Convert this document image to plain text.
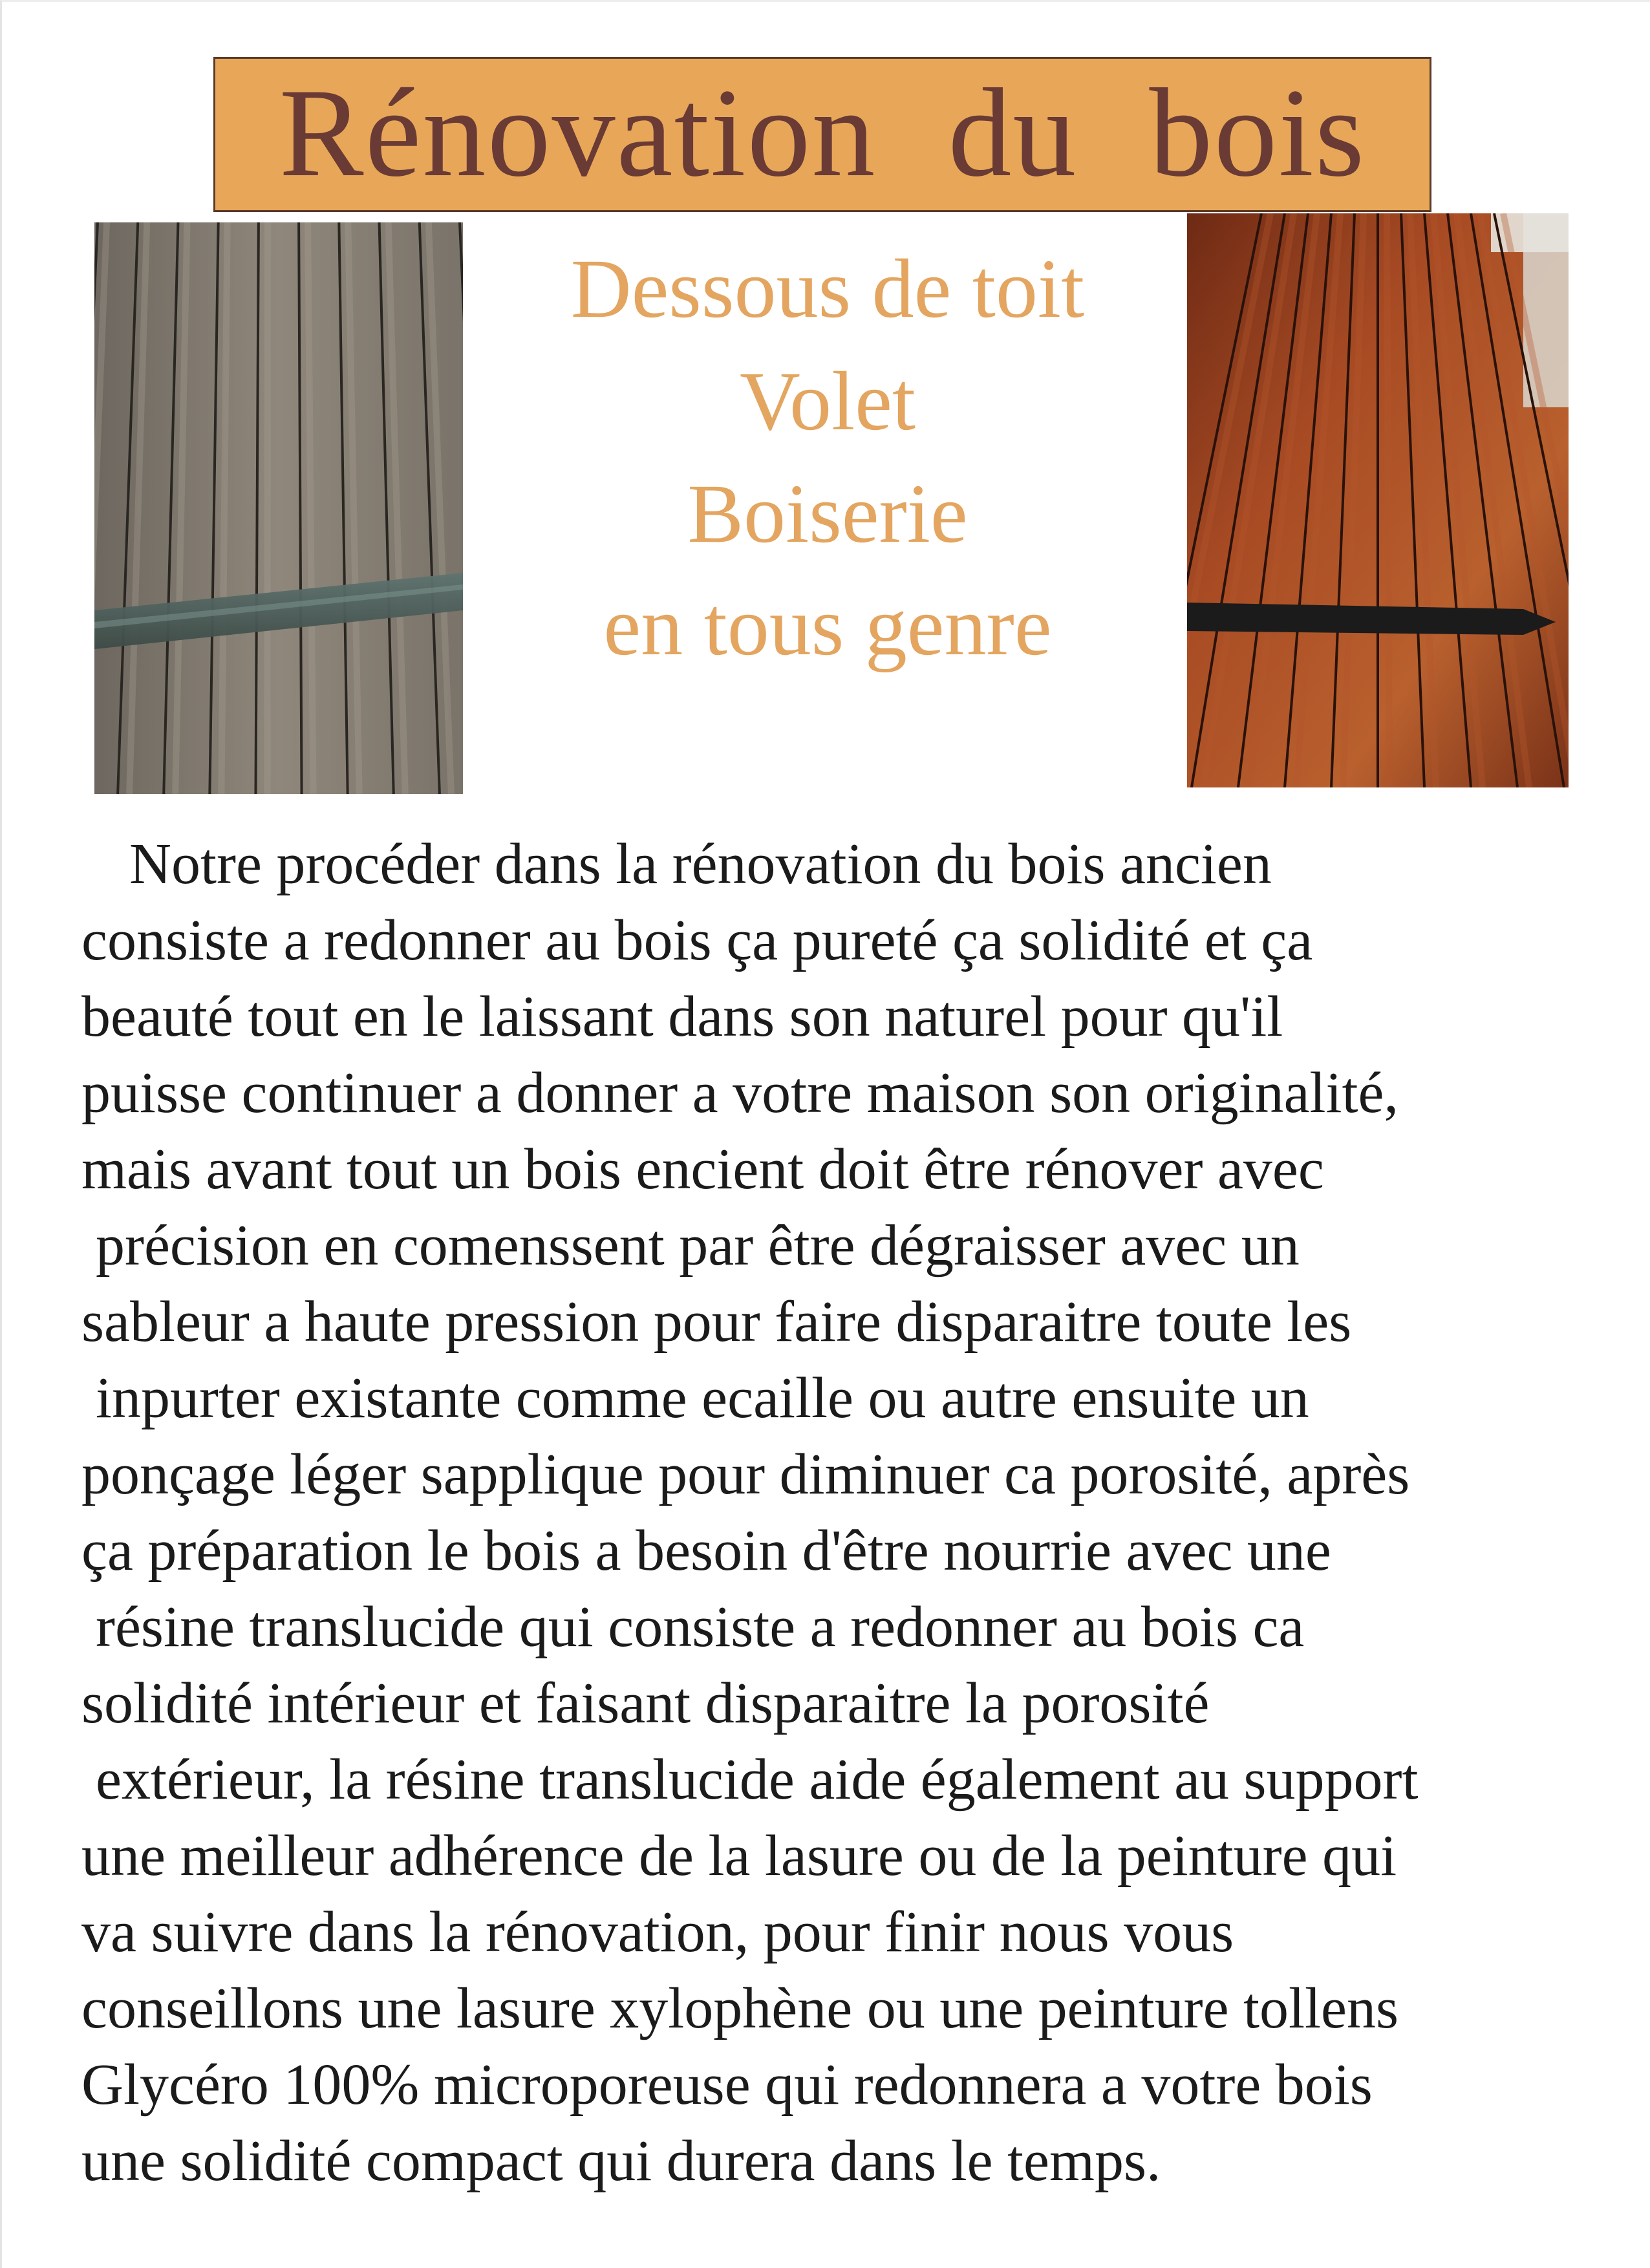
Rénovation du bois
Dessous de toit
Volet
Boiserie
en tous genre
Notre procéder dans la rénovation du bois ancien
consiste a redonner au bois ça pureté ça solidité et ça
beauté tout en le laissant dans son naturel pour qu'il
puisse continuer a donner a votre maison son originalité,
mais avant tout un bois encient doit être rénover avec
précision en comenssent par être dégraisser avec un
sableur a haute pression pour faire disparaitre toute les
inpurter existante comme ecaille ou autre ensuite un
ponçage léger sapplique pour diminuer ca porosité, après
ça préparation le bois a besoin d'être nourrie avec une
résine translucide qui consiste a redonner au bois ca
solidité intérieur et faisant disparaitre la porosité
extérieur, la résine translucide aide également au support
une meilleur adhérence de la lasure ou de la peinture qui
va suivre dans la rénovation, pour finir nous vous
conseillons une lasure xylophène ou une peinture tollens
Glycéro 100% microporeuse qui redonnera a votre bois
une solidité compact qui durera dans le temps.
